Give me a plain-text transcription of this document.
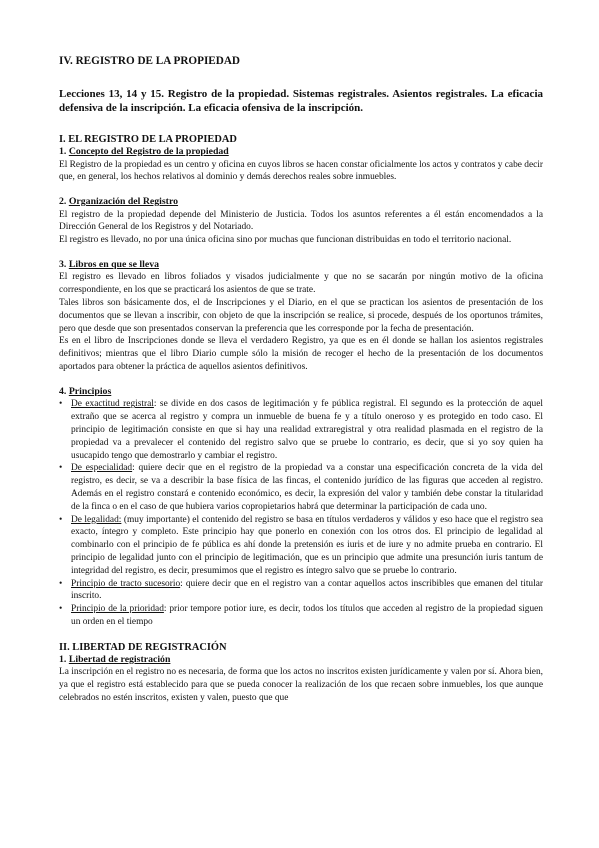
IV. REGISTRO DE LA PROPIEDAD
Lecciones 13, 14 y 15. Registro de la propiedad. Sistemas registrales. Asientos registrales. La eficacia defensiva de la inscripción. La eficacia ofensiva de la inscripción.
I. EL REGISTRO DE LA PROPIEDAD
1. Concepto del Registro de la propiedad

El Registro de la propiedad es un centro y oficina en cuyos libros se hacen constar oficialmente los actos y contratos y cabe decir que, en general, los hechos relativos al dominio y demás derechos reales sobre inmuebles.

2. Organización del Registro

El registro de la propiedad depende del Ministerio de Justicia. Todos los asuntos referentes a él están encomendados a la Dirección General de los Registros y del Notariado.

El registro es llevado, no por una única oficina sino por muchas que funcionan distribuidas en todo el territorio nacional.

3. Libros en que se lleva

El registro es llevado en libros foliados y visados judicialmente y que no se sacarán por ningún motivo de la oficina correspondiente, en los que se practicará los asientos de que se trate.

Tales libros son básicamente dos, el de Inscripciones y el Diario, en el que se practican los asientos de presentación de los documentos que se llevan a inscribir, con objeto de que la inscripción se realice, si procede, después de los oportunos trámites, pero que desde que son presentados conservan la preferencia que les corresponde por la fecha de presentación.

Es en el libro de Inscripciones donde se lleva el verdadero Registro, ya que es en él donde se hallan los asientos registrales definitivos; mientras que el libro Diario cumple sólo la misión de recoger el hecho de la presentación de los documentos aportados para obtener la práctica de aquellos asientos definitivos.

4. Principios
• De exactitud registral: se divide en dos casos de legitimación y fe pública registral. El segundo es la protección de aquel extraño que se acerca al registro y compra un inmueble de buena fe y a título oneroso y es protegido en todo caso. El principio de legitimación consiste en que si hay una realidad extraregistral y otra realidad plasmada en el registro de la propiedad va a prevalecer el contenido del registro salvo que se pruebe lo contrario, es decir, que si yo soy quien ha usucapido tengo que demostrarlo y cambiar el registro.
• De especialidad: quiere decir que en el registro de la propiedad va a constar una especificación concreta de la vida del registro, es decir, se va a describir la base física de las fincas, el contenido jurídico de las figuras que acceden al registro. Además en el registro constará e contenido económico, es decir, la expresión del valor y también debe constar la titularidad de la finca o en el caso de que hubiera varios copropietarios habrá que determinar la participación de cada uno.
• De legalidad: (muy importante) el contenido del registro se basa en títulos verdaderos y válidos y eso hace que el registro sea exacto, íntegro y completo. Este principio hay que ponerlo en conexión con los otros dos. El principio de legalidad al combinarlo con el principio de fe pública es ahí donde la pretensión es iuris et de iure y no admite prueba en contrario. El principio de legalidad junto con el principio de legitimación, que es un principio que admite una presunción iuris tantum de integridad del registro, es decir, presumimos que el registro es íntegro salvo que se pruebe lo contrario.
• Principio de tracto sucesorio: quiere decir que en el registro van a contar aquellos actos inscribibles que emanen del titular inscrito.
• Principio de la prioridad: prior tempore potior iure, es decir, todos los títulos que acceden al registro de la propiedad siguen un orden en el tiempo
II. LIBERTAD DE REGISTRACIÓN
1. Libertad de registración

La inscripción en el registro no es necesaria, de forma que los actos no inscritos existen jurídicamente y valen por sí. Ahora bien, ya que el registro está establecido para que se pueda conocer la realización de los que recaen sobre inmuebles, los que aunque celebrados no estén inscritos, existen y valen, puesto que que
